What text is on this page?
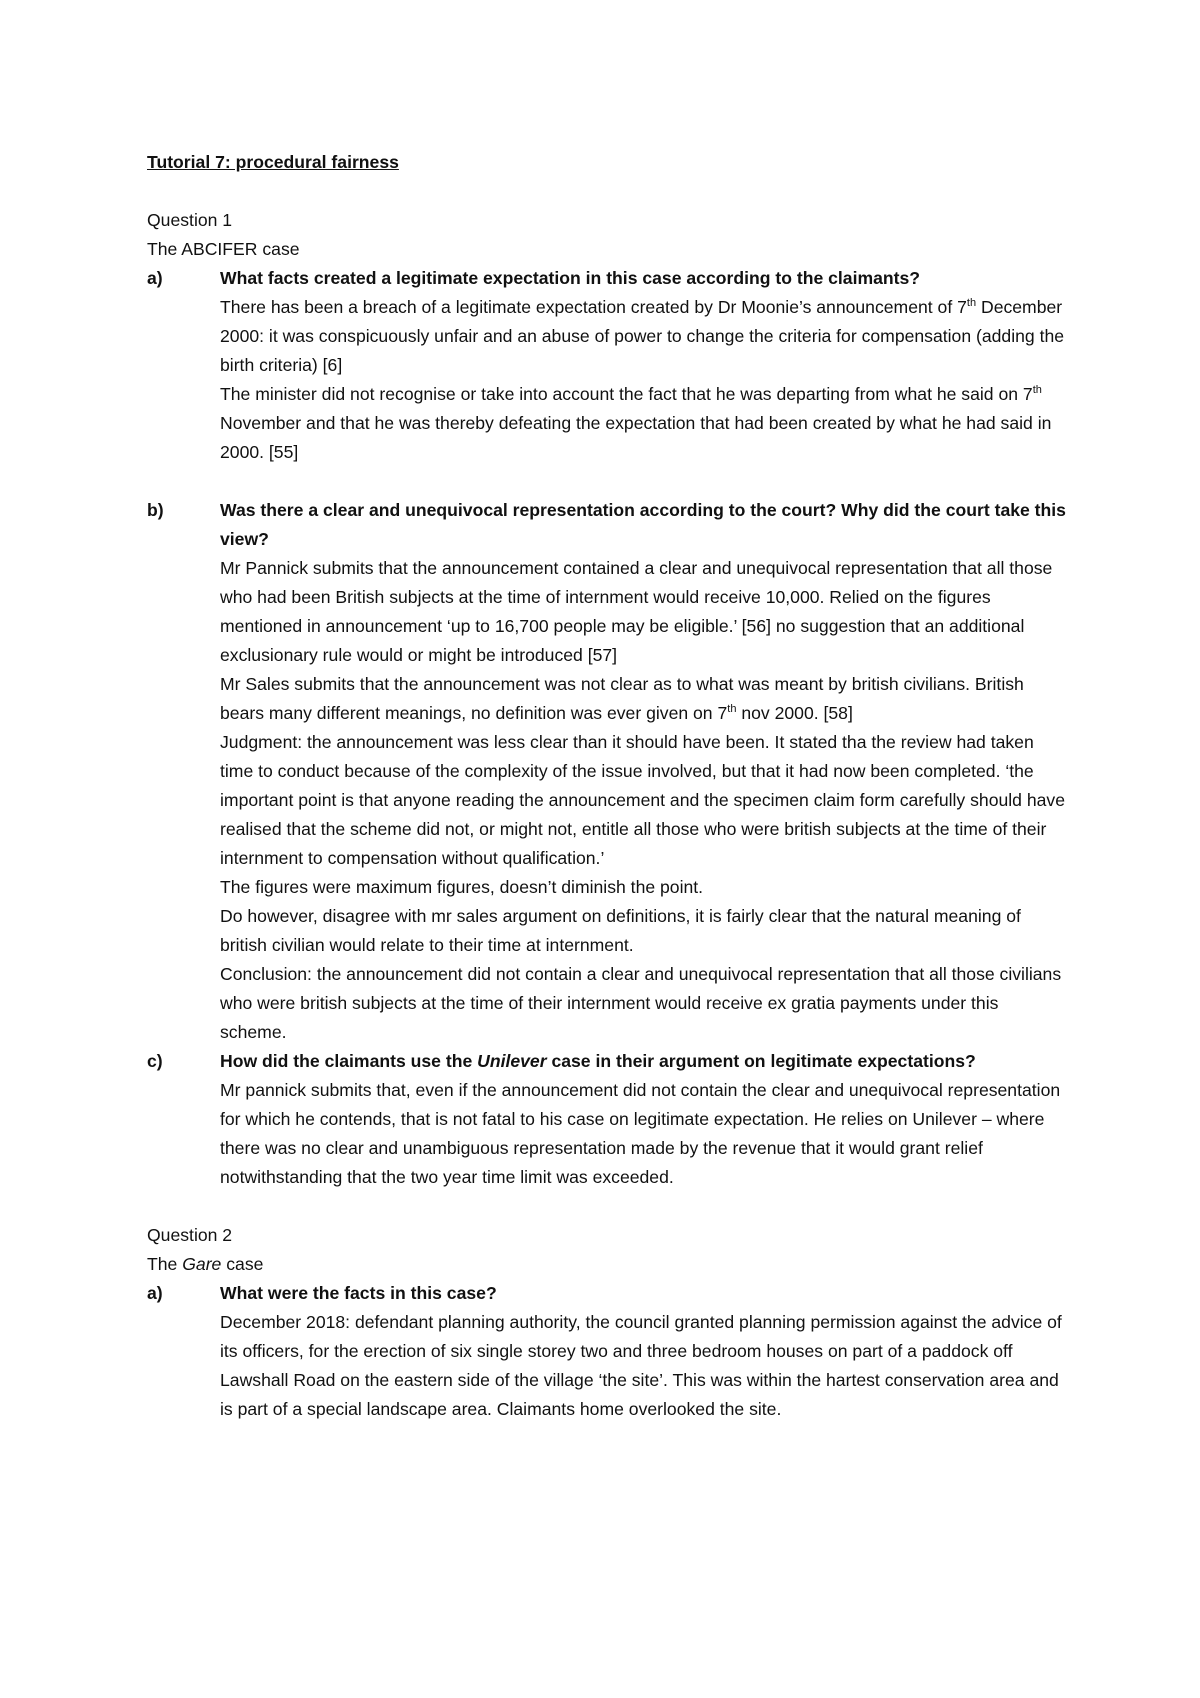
Tutorial 7: procedural fairness

Question 1

The ABCIFER case

a)	What facts created a legitimate expectation in this case according to the claimants?

There has been a breach of a legitimate expectation created by Dr Moonie’s announcement of 7th December 2000: it was conspicuously unfair and an abuse of power to change the criteria for compensation (adding the birth criteria) [6]

The minister did not recognise or take into account the fact that he was departing from what he said on 7th November and that he was thereby defeating the expectation that had been created by what he had said in 2000. [55]

b)	Was there a clear and unequivocal representation according to the court? Why did the court take this view?

Mr Pannick submits that the announcement contained a clear and unequivocal representation that all those who had been British subjects at the time of internment would receive 10,000. Relied on the figures mentioned in announcement ‘up to 16,700 people may be eligible.’ [56] no suggestion that an additional exclusionary rule would or might be introduced [57]

Mr Sales submits that the announcement was not clear as to what was meant by british civilians. British bears many different meanings, no definition was ever given on 7th nov 2000. [58]

Judgment: the announcement was less clear than it should have been. It stated tha the review had taken time to conduct because of the complexity of the issue involved, but that it had now been completed. ‘the important point is that anyone reading the announcement and the specimen claim form carefully should have realised that the scheme did not, or might not, entitle all those who were british subjects at the time of their internment to compensation without qualification.’

The figures were maximum figures, doesn’t diminish the point.

Do however, disagree with mr sales argument on definitions, it is fairly clear that the natural meaning of british civilian would relate to their time at internment.

Conclusion: the announcement did not contain a clear and unequivocal representation that all those civilians who were british subjects at the time of their internment would receive ex gratia payments under this scheme.

c)	How did the claimants use the Unilever case in their argument on legitimate expectations?

Mr pannick submits that, even if the announcement did not contain the clear and unequivocal representation for which he contends, that is not fatal to his case on legitimate expectation. He relies on Unilever – where there was no clear and unambiguous representation made by the revenue that it would grant relief notwithstanding that the two year time limit was exceeded.

Question 2

The Gare case

a)	What were the facts in this case?

December 2018: defendant planning authority, the council granted planning permission against the advice of its officers, for the erection of six single storey two and three bedroom houses on part of a paddock off Lawshall Road on the eastern side of the village ‘the site’. This was within the hartest conservation area and is part of a special landscape area. Claimants home overlooked the site.
